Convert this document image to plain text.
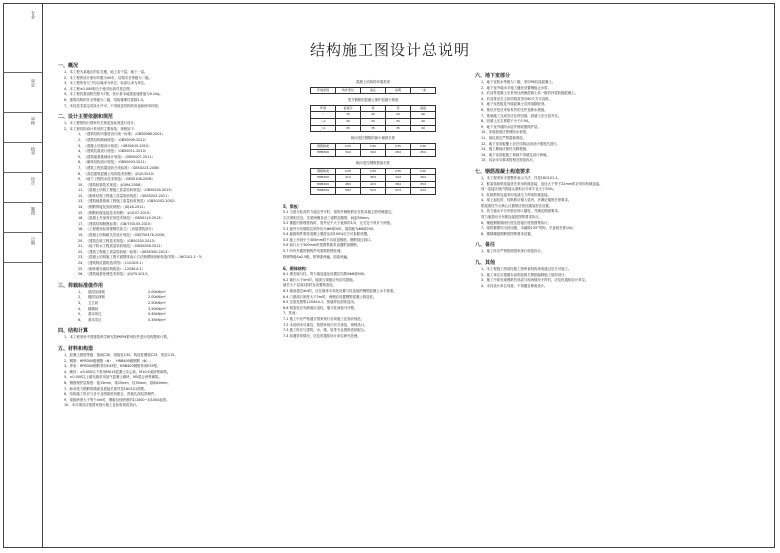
专业
审定
审核
校对
设计
制图
日期
结构施工图设计总说明
一、概况
1、本工程为某地区的住宅楼，地上若干层，地下一层。
2、本工程的设计使用年限为50年，结构安全等级为二级。
3、本工程所有尺寸均以毫米为单位，标高以米为单位。
4、本工程±0.000相当于绝对标高详见总图。
5、本工程抗震设防烈度为7度，设计基本地震加速度值为0.10g。
6、建筑结构的安全等级为二级，结构重要性系数1.0。
7、未经技术鉴定或设计许可，不得改变结构的用途和使用环境。
二、设计主要依据和规范
1、本工程按现行国家有关规范及标准进行设计。
2、本工程结构设计采用的主要规范、规程如下：
1、《建筑结构可靠度设计统一标准》（GB50068-2001）
2、《建筑结构荷载规范》（GB50009-2012）
3、《混凝土结构设计规范》（GB50010-2010）
4、《建筑抗震设计规范》（GB50011-2010）
5、《建筑地基基础设计规范》（GB50007-2011）
6、《砌体结构设计规范》（GB50003-2011）
7、《建筑工程抗震设防分类标准》（GB50223-2008）
8、《高层建筑混凝土结构技术规程》（JGJ3-2010）
9、《地下工程防水技术规范》（GB50108-2008）
10、《建筑桩基技术规范》（JGJ94-2008）
11、《混凝土结构工程施工质量验收规范》（GB50204-2015）
12、《砌体结构工程施工质量验收规范》（GB50203-2011）
13、《建筑地基基础工程施工质量验收规范》（GB50202-2002）
14、《钢筋焊接及验收规程》（JGJ18-2012）
15、《钢筋机械连接技术规程》（JGJ107-2010）
16、《混凝土外加剂应用技术规范》（GB50119-2013）
17、《建筑结构制图标准》（GB/T50105-2010）
18、《工程建设标准强制性条文》（房屋建筑部分）
19、《混凝土结构耐久性设计规范》（GB/T50476-2008）
20、《建筑边坡工程技术规范》（GB50330-2013）
21、《地下防水工程质量验收规范》（GB50208-2011）
22、《建筑工程施工质量验收统一标准》（GB50300-2013）
23、《混凝土结构施工图平面整体表示方法制图规则和构造详图》（16G101-1~3）
24、《建筑物抗震构造详图》（11G329-1）
25、《砌体填充墙结构构造》（12G614-1）
26、《建筑地基处理技术规范》（JGJ79-2012）
三、荷载标准值作用
1、 屋面活荷载	2.00kN/m²
2、 楼面活荷载	2.00kN/m²
3、 卫生间	2.50kN/m²
4、 楼梯间	3.50kN/m²
5、 基本风压	0.40kN/m²
6、 基本雪压	0.35kN/m²
四、结构计算
1、本工程采用中国建筑科学研究院PKPM系列软件进行结构整体计算。
五、材料和构造
1、混凝土强度等级：基础C30，梁板柱C30，构造柱圈梁C25，垫层C15。
2、钢筋：HPB300级钢筋（Φ），HRB400级钢筋（Φ）。
3、焊条：HPB300钢筋采用E43型，HRB400钢筋采用E55型。
4、砌体：±0.000以下采用MU15混凝土实心砖，M10水泥砂浆砌筑。
5、±0.000以上填充墙采用加气混凝土砌块，M5混合砂浆砌筑。
6、钢筋保护层厚度：板15mm，梁25mm，柱30mm，基础40mm。
7、纵向受力钢筋的锚固及搭接长度详见16G101图集。
8、结构施工时应与各专业图纸密切配合，预留孔洞及预埋件。
9、梁板跨度大于等于4m时，模板应按跨度的1/1000~3/1000起拱。
10、未尽事宜应按国家现行施工及验收规范执行。
混凝土结构的环境类别
环境类别	构件部位	备注	说明	一类
受力钢筋的混凝土保护层最小厚度
环境	板墙壳	梁	柱	基础
一	15	20	20	40
二a	20	25	25	40
二b	25	35	35	40
纵向受拉钢筋的最小锚固长度
钢筋种类	C25	C30	C35	C40
HPB300	34d	30d	28d	25d
纵向受拉钢筋搭接长度
钢筋种类	C25	C30	C35	C40
HPB300	41d	36d	34d	30d
HRB400	48d	42d	38d	35d
HRB500	58d	52d	47d	43d
5、梁板：
5.1 当梁与柱或剪力墙边齐平时，梁的外侧纵筋应在柱或墙主筋内侧通过。
主次梁相交处，次梁两侧各设三道附加箍筋，间距50mm。
5.2 楼板内预埋管线时，管外径不大于板厚的1/3，交叉处不得多于两根。
5.3 板内分布筋除注明外均为Φ6@200，屋面板为Φ8@200。
5.4 悬挑构件需待混凝土强度达到100%后方可拆除底模。
5.5 板上开洞小于300mm时不另设加强筋，钢筋绕过洞口。
5.6 洞口大于300mm时按图集要求设置附加钢筋。
5.7 所有外露的钢构件均需做防锈处理。
除锈等级Sa2.5级，防锈漆两遍，面漆两遍。
6、砌体结构：
6.1 填充墙与柱、剪力墙连接处设置拉结筋2Φ6@500。
6.2 墙长大于5m时，墙顶与梁板应有拉结措施。
墙长大于层高2倍时宜设置构造柱。
6.3 墙高超过4m时，应在墙体半高处设置与柱连接的钢筋混凝土水平系梁。
6.4 门窗洞口宽度大于2m时，两侧应设置钢筋混凝土构造柱。
6.5 过梁见图集12G614-1，按墙厚及洞宽选用。
6.6 构造柱应先砌墙后浇柱，墙与柱间留马牙槎。
7、其他：
7.1 施工中应严格遵守国家现行各项施工及验收规范。
7.2 本说明未尽事宜，按国家现行有关规范、规程执行。
7.3 施工时应与建筑、水、暖、电等专业图纸密切配合。
7.4 如遇异常情况，应及时通知设计单位研究处理。
六、地下室部分
1、地下室防水等级为二级，采用P6抗渗混凝土。
2、地下室外墙水平施工缝处设置钢板止水带。
3、后浇带混凝土应采用比两侧混凝土高一级的补偿收缩混凝土。
4、后浇带应在主体结构封顶后60天方可浇筑。
5、地下室底板及外墙混凝土应掺加膨胀剂。
6、基坑开挖应采取有效的支护及降水措施。
7、基础施工完成后应及时回填，回填土应分层夯实。
8、回填土压实系数不小于0.94。
9、地下室外墙防水层外侧设置保护层。
10、穿墙管道应预埋防水套管。
11、基坑周边严禁超载堆放。
12、地下室顶板覆土应在结构达到设计强度后进行。
13、施工期间应做好沉降观测。
14、地下室顶板施工荷载不得超过设计荷载。
15、其余未尽事项按相关规范执行。
七、钢筋混凝土构造要求
1、本工程采用平面整体表示方法，详见16G101-1。
2、框架梁纵筋连接优先采用机械连接，直径大于等于22mm时应采用机械连接。
同一连接区段内的接头面积百分率不宜大于50%。
3、柱纵筋的连接采用电渣压力焊或机械连接。
4、梁上起柱时，柱纵筋应锚入梁内，并满足锚固长度要求。
框架梁柱节点核心区箍筋应按柱端加密区设置。
5、剪力墙水平分布筋应伸入端柱，并满足锚固要求。
剪力墙竖向分布筋连接按图集要求执行。
6、楼板钢筋锚固长度及搭接长度按图集执行。
7、梁的箍筋均为封闭箍，末端做135°弯钩，平直段长度10d。
8、楼梯梯板钢筋按图集要求设置。
八、备注
1、施工时应严格按照国家现行规范执行。
九、其他
1、本工程施工图须经施工图审查机构审查通过后方可施工。
2、施工单位应根据本说明及相关图纸编制施工组织设计。
3、施工中如发现图纸有误或与现场情况不符时，应及时通知设计单位。
4、未经设计单位同意，不得擅自修改设计。
